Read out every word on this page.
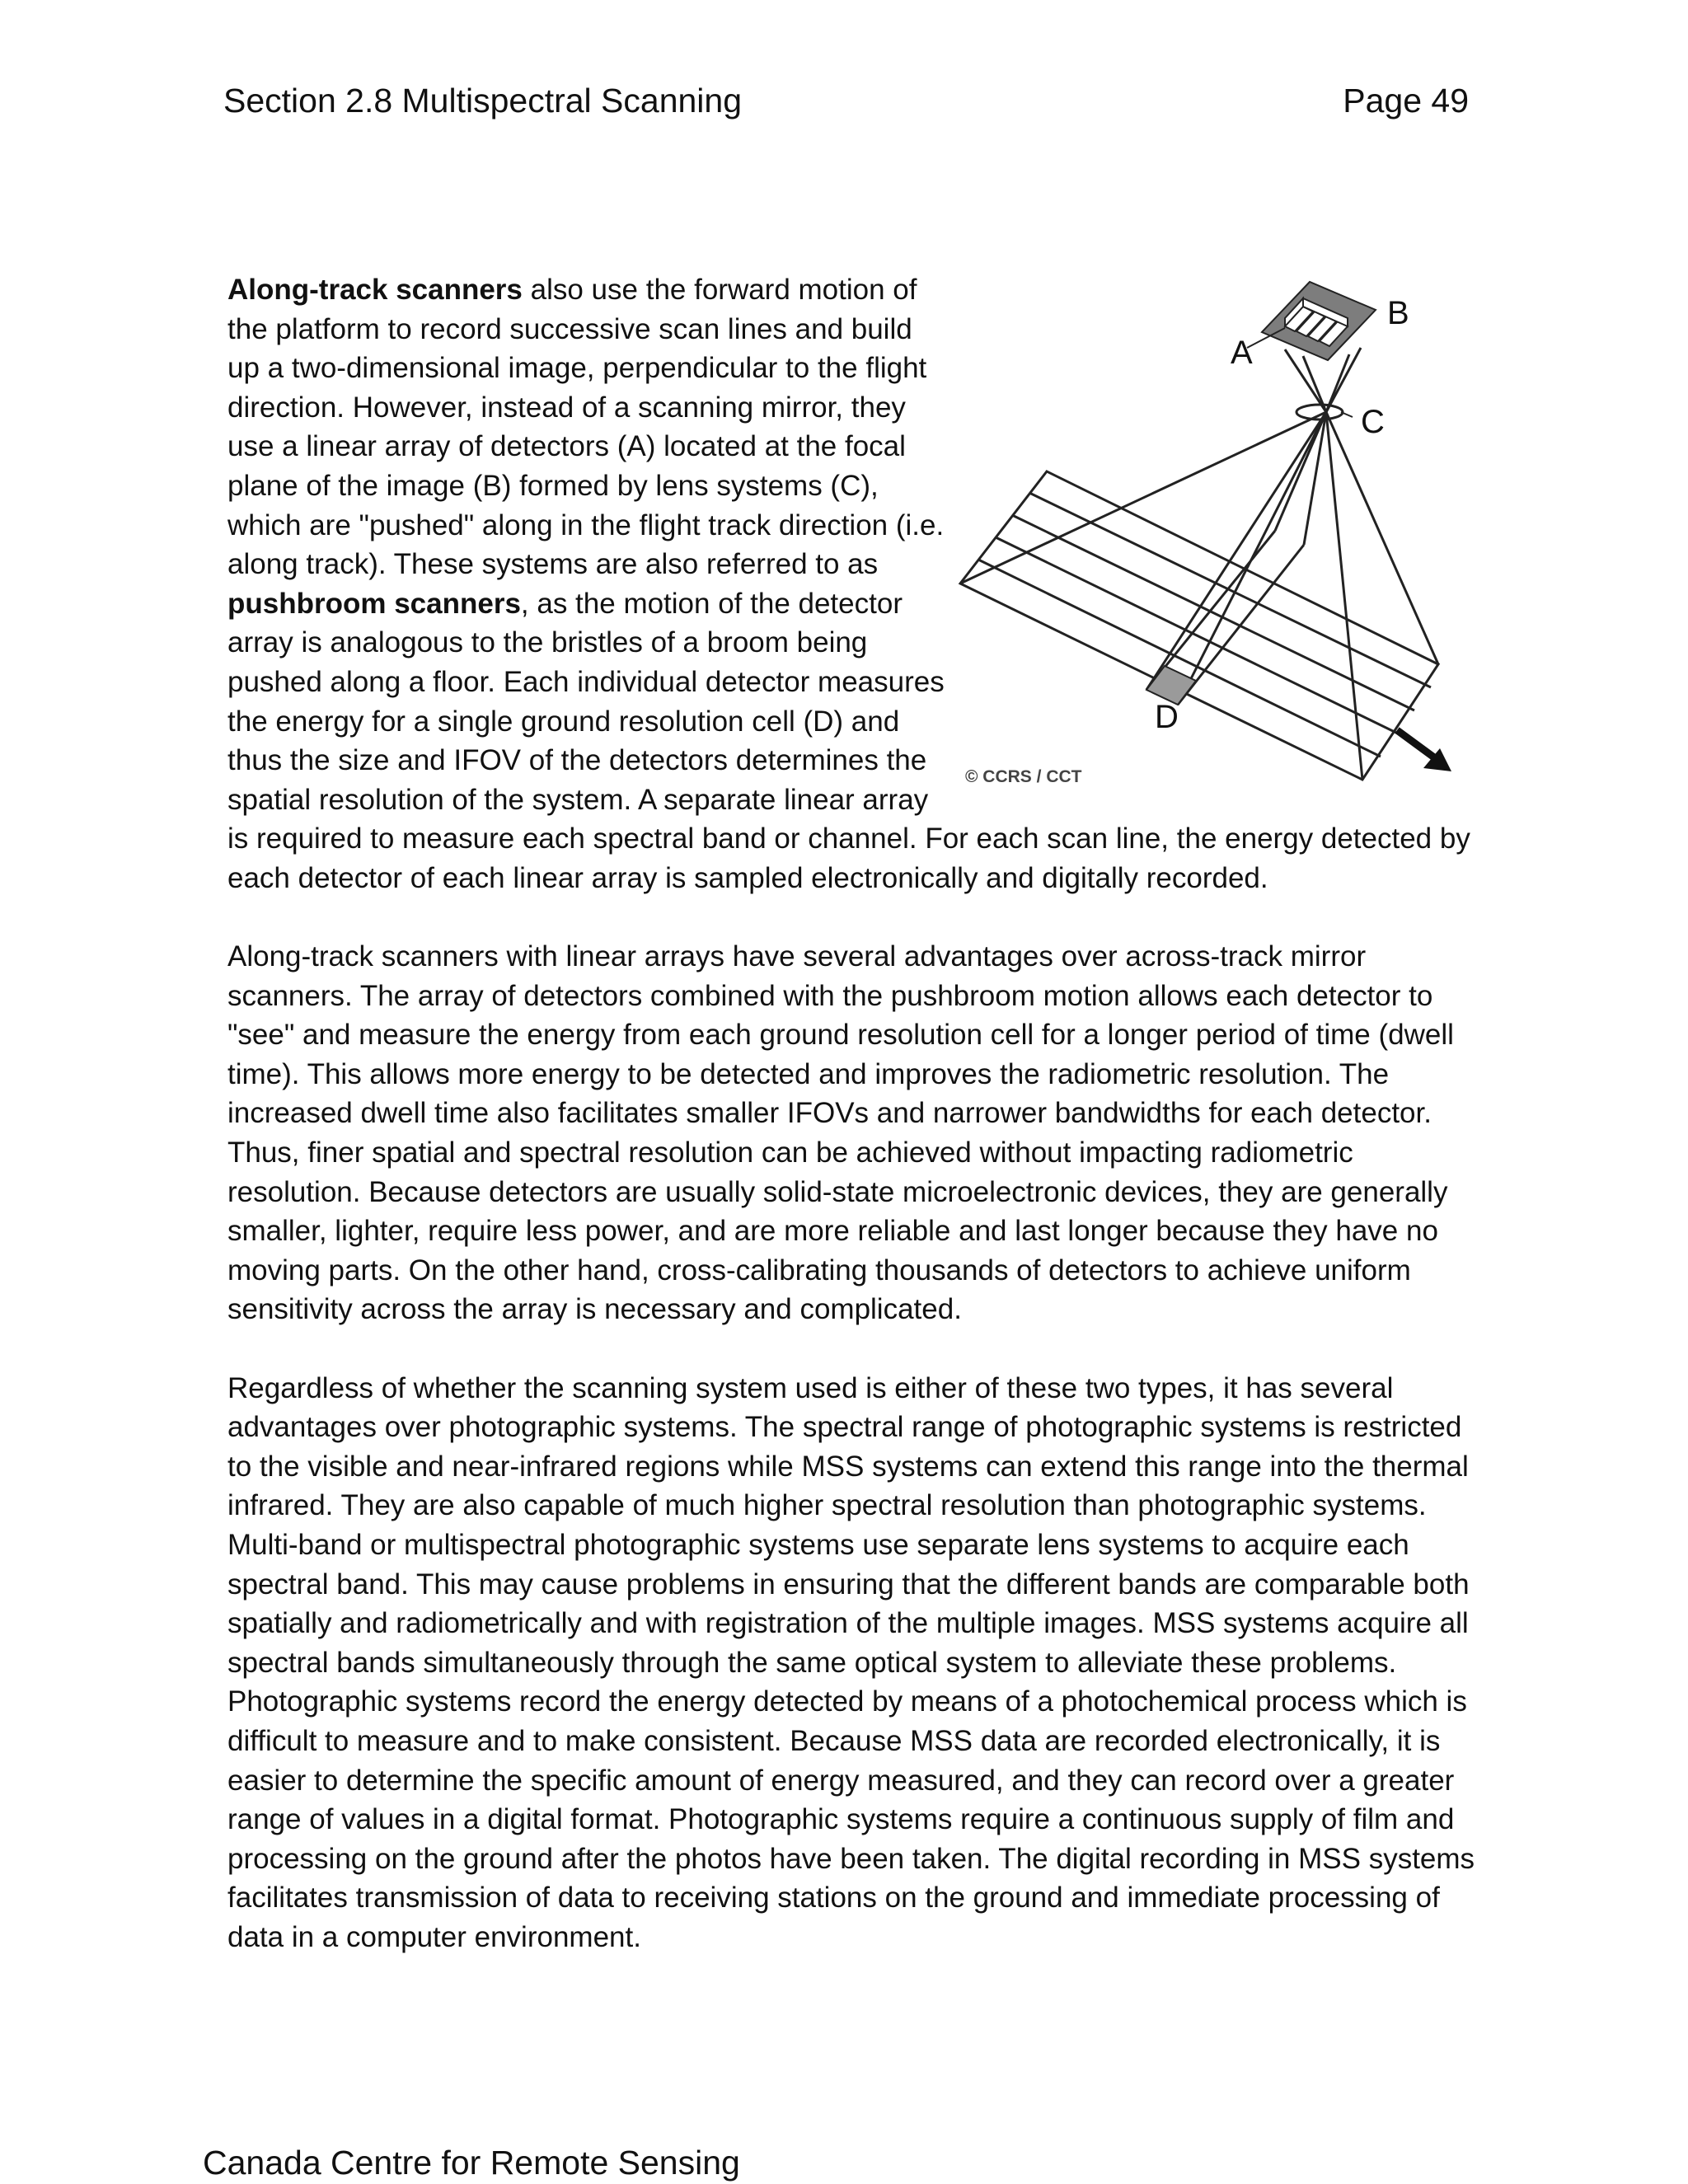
Section 2.8 Multispectral Scanning	Page 49
A
B
C
D
© CCRS / CCT

Along-track scanners also use the forward motion of the platform to record successive scan lines and build up a two-dimensional image, perpendicular to the flight direction. However, instead of a scanning mirror, they use a linear array of detectors (A) located at the focal plane of the image (B) formed by lens systems (C), which are "pushed" along in the flight track direction (i.e. along track). These systems are also referred to as pushbroom scanners, as the motion of the detector array is analogous to the bristles of a broom being pushed along a floor. Each individual detector measures the energy for a single ground resolution cell (D) and thus the size and IFOV of the detectors determines the spatial resolution of the system. A separate linear array is required to measure each spectral band or channel. For each scan line, the energy detected by each detector of each linear array is sampled electronically and digitally recorded.

Along-track scanners with linear arrays have several advantages over across-track mirror scanners. The array of detectors combined with the pushbroom motion allows each detector to "see" and measure the energy from each ground resolution cell for a longer period of time (dwell time). This allows more energy to be detected and improves the radiometric resolution. The increased dwell time also facilitates smaller IFOVs and narrower bandwidths for each detector. Thus, finer spatial and spectral resolution can be achieved without impacting radiometric resolution. Because detectors are usually solid-state microelectronic devices, they are generally smaller, lighter, require less power, and are more reliable and last longer because they have no moving parts. On the other hand, cross-calibrating thousands of detectors to achieve uniform sensitivity across the array is necessary and complicated.

Regardless of whether the scanning system used is either of these two types, it has several advantages over photographic systems. The spectral range of photographic systems is restricted to the visible and near-infrared regions while MSS systems can extend this range into the thermal infrared. They are also capable of much higher spectral resolution than photographic systems. Multi-band or multispectral photographic systems use separate lens systems to acquire each spectral band. This may cause problems in ensuring that the different bands are comparable both spatially and radiometrically and with registration of the multiple images. MSS systems acquire all spectral bands simultaneously through the same optical system to alleviate these problems. Photographic systems record the energy detected by means of a photochemical process which is difficult to measure and to make consistent. Because MSS data are recorded electronically, it is easier to determine the specific amount of energy measured, and they can record over a greater range of values in a digital format. Photographic systems require a continuous supply of film and processing on the ground after the photos have been taken. The digital recording in MSS systems facilitates transmission of data to receiving stations on the ground and immediate processing of data in a computer environment.

Canada Centre for Remote Sensing
